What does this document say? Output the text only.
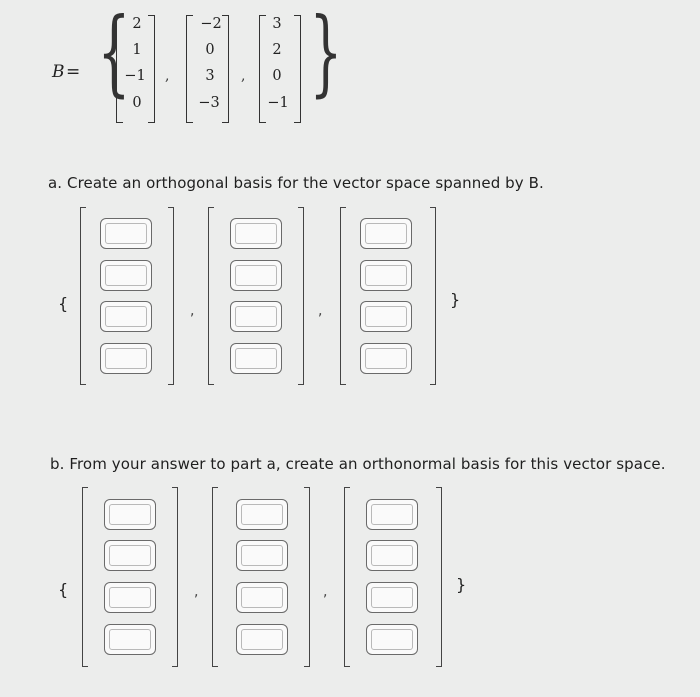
B = { }
2
1
−1
0
,
−2
0
3
−3
,
3
2
0
−1
a. Create an orthogonal basis for the vector space spanned by B.
{	,	,
}
b. From your answer to part a, create an orthonormal basis for this vector space.
{	,	,	}
